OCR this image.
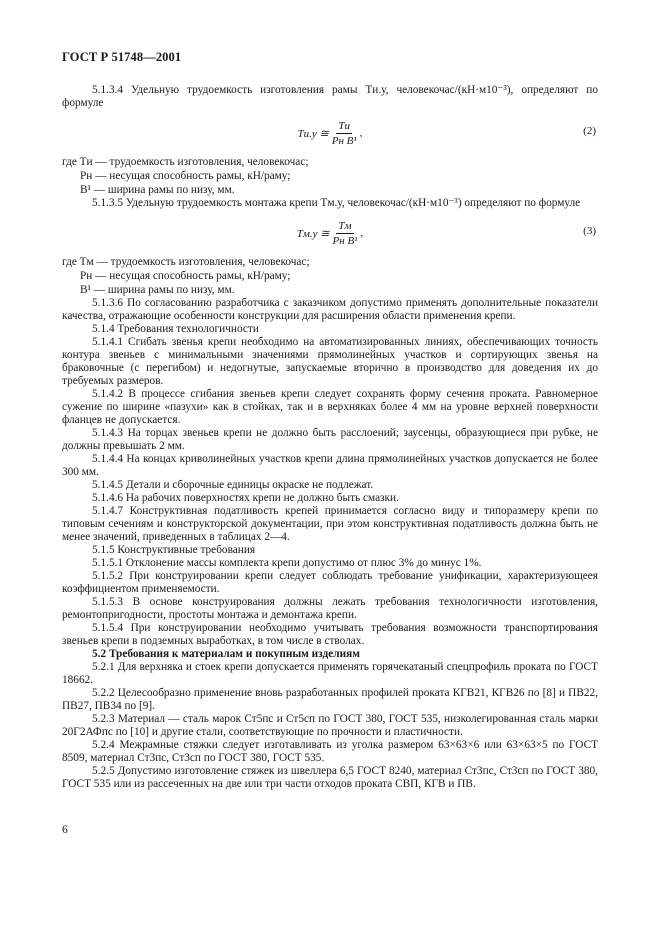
ГОСТ Р 51748—2001

5.1.3.4 Удельную трудоемкость изготовления рамы Tи.у, человекочас/(кН·м10⁻³), определяют по формуле

Tи.у ≅ $\frac{Tи}{\text{Pн B¹}}$ ,	(2)

где Tи — трудоемкость изготовления, человекочас;

Pн — несущая способность рамы, кН/раму;

B¹ — ширина рамы по низу, мм.

5.1.3.5 Удельную трудоемкость монтажа крепи Tм.у, человекочас/(кН·м10⁻³) определяют по формуле

Tм.у ≅ $\frac{Tм}{\text{Pн B¹}}$ ,	(3)

где Tм — трудоемкость изготовления, человекочас;

Pн — несущая способность рамы, кН/раму;

B¹ — ширина рамы по низу, мм.

5.1.3.6 По согласованию разработчика с заказчиком допустимо применять дополнительные показатели качества, отражающие особенности конструкции для расширения области применения крепи.

5.1.4 Требования технологичности

5.1.4.1 Сгибать звенья крепи необходимо на автоматизированных линиях, обеспечивающих точность контура звеньев с минимальными значениями прямолинейных участков и сортирующих звенья на браковочные (с перегибом) и недогнутые, запускаемые вторично в производство для доведения их до требуемых размеров.

5.1.4.2 В процессе сгибания звеньев крепи следует сохранять форму сечения проката. Равномерное сужение по ширине «пазухи» как в стойках, так и в верхняках более 4 мм на уровне верхней поверхности фланцев не допускается.

5.1.4.3 На торцах звеньев крепи не должно быть расслоений; заусенцы, образующиеся при рубке, не должны превышать 2 мм.

5.1.4.4 На концах криволинейных участков крепи длина прямолинейных участков допускается не более 300 мм.

5.1.4.5 Детали и сборочные единицы окраске не подлежат.

5.1.4.6 На рабочих поверхностях крепи не должно быть смазки.

5.1.4.7 Конструктивная податливость крепей принимается согласно виду и типоразмеру крепи по типовым сечениям и конструкторской документации, при этом конструктивная податливость должна быть не менее значений, приведенных в таблицах 2—4.

5.1.5 Конструктивные требования

5.1.5.1 Отклонение массы комплекта крепи допустимо от плюс 3% до минус 1%.

5.1.5.2 При конструировании крепи следует соблюдать требование унификации, характеризующеея коэффициентом применяемости.

5.1.5.3 В основе конструирования должны лежать требования технологичности изготовления, ремонтопригодности, простоты монтажа и демонтажа крепи.

5.1.5.4 При конструировании необходимо учитывать требования возможности транспортирования звеньев крепи в подземных выработках, в том числе в стволах.

5.2 Требования к материалам и покупным изделиям

5.2.1 Для верхняка и стоек крепи допускается применять горячекатаный спецпрофиль проката по ГОСТ 18662.

5.2.2 Целесообразно применение вновь разработанных профилей проката КГВ21, КГВ26 по [8] и ПВ22, ПВ27, ПВ34 по [9].

5.2.3 Материал — сталь марок Ст5пс и Ст5сп по ГОСТ 380, ГОСТ 535, низколегированная сталь марки 20Г2АФпс по [10] и другие стали, соответствующие по прочности и пластичности.

5.2.4 Межрамные стяжки следует изготавливать из уголка размером 63×63×6 или 63×63×5 по ГОСТ 8509, материал Ст3пс, Ст3сп по ГОСТ 380, ГОСТ 535.

5.2.5 Допустимо изготовление стяжек из швеллера 6,5 ГОСТ 8240, материал Ст3пс, Ст3сп по ГОСТ 380, ГОСТ 535 или из рассеченных на две или три части отходов проката СВП, КГВ и ПВ.

6
